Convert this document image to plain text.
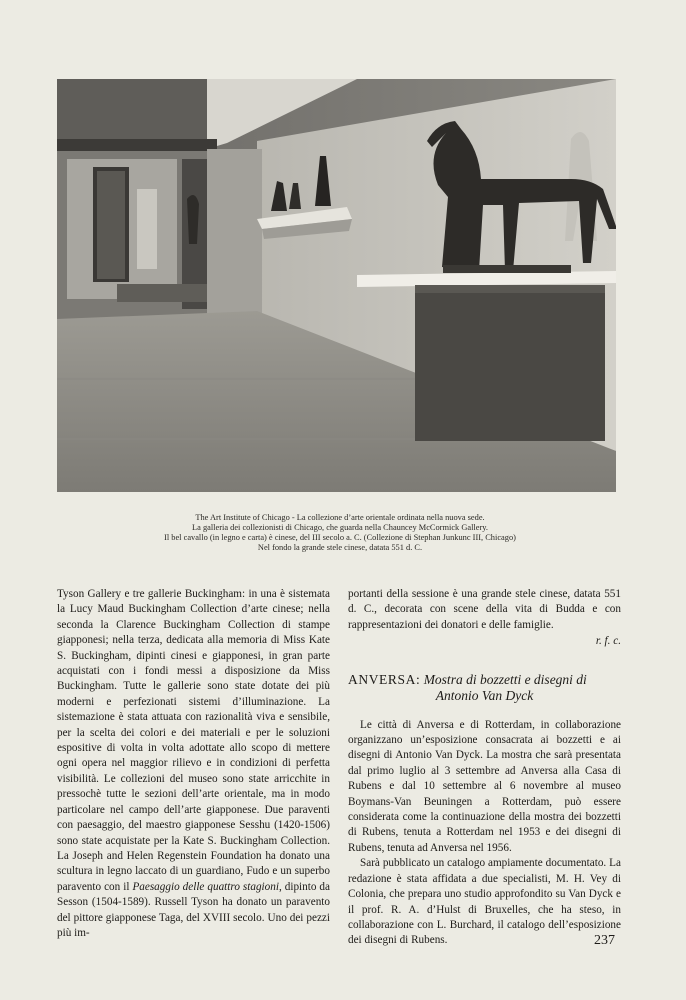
The Art Institute of Chicago - La collezione d’arte orientale ordinata nella nuova sede.
La galleria dei collezionisti di Chicago, che guarda nella Chauncey McCormick Gallery.
Il bel cavallo (in legno e carta) è cinese, del III secolo a. C. (Collezione di Stephan Junkunc III, Chicago)
Nel fondo la grande stele cinese, datata 551 d. C.

Tyson Gallery e tre gallerie Buckingham: in una è sistemata la Lucy Maud Buckingham Collection d’arte cinese; nella seconda la Clarence Buckingham Collection di stampe giapponesi; nella terza, dedicata alla memoria di Miss Kate S. Buckingham, dipinti cinesi e giapponesi, in gran parte acquistati con i fondi messi a disposizione da Miss Buckingham. Tutte le gallerie sono state dotate dei più moderni e perfezionati sistemi d’illuminazione. La sistemazione è stata attuata con razionalità viva e sensibile, per la scelta dei colori e dei materiali e per le soluzioni espositive di volta in volta adottate allo scopo di mettere ogni opera nel maggior rilievo e in condizioni di perfetta visibilità. Le collezioni del museo sono state arricchite in pressochè tutte le sezioni dell’arte orientale, ma in modo particolare nel campo dell’arte giapponese. Due paraventi con paesaggio, del maestro giapponese Sesshu (1420-1506) sono state acquistate per la Kate S. Buckingham Collection. La Joseph and Helen Regenstein Foundation ha donato una scultura in legno laccato di un guardiano, Fudo e un superbo paravento con il Paesaggio delle quattro stagioni, dipinto da Sesson (1504-1589). Russell Tyson ha donato un paravento del pittore giapponese Taga, del XVIII secolo. Uno dei pezzi più im-

portanti della sessione è una grande stele cinese, datata 551 d. C., decorata con scene della vita di Budda e con rappresentazioni dei donatori e delle famiglie.

r. f. c.

ANVERSA: Mostra di bozzetti e disegni di
Antonio Van Dyck

Le città di Anversa e di Rotterdam, in collaborazione organizzano un’esposizione consacrata ai bozzetti e ai disegni di Antonio Van Dyck. La mostra che sarà presentata dal primo luglio al 3 settembre ad Anversa alla Casa di Rubens e dal 10 settembre al 6 novembre al museo Boymans-Van Beuningen a Rotterdam, può essere considerata come la continuazione della mostra dei bozzetti di Rubens, tenuta a Rotterdam nel 1953 e dei disegni di Rubens, tenuta ad Anversa nel 1956.

Sarà pubblicato un catalogo ampiamente documentato. La redazione è stata affidata a due specialisti, M. H. Vey di Colonia, che prepara uno studio approfondito su Van Dyck e il prof. R. A. d’Hulst di Bruxelles, che ha steso, in collaborazione con L. Burchard, il catalogo dell’esposizione dei disegni di Rubens.	237
